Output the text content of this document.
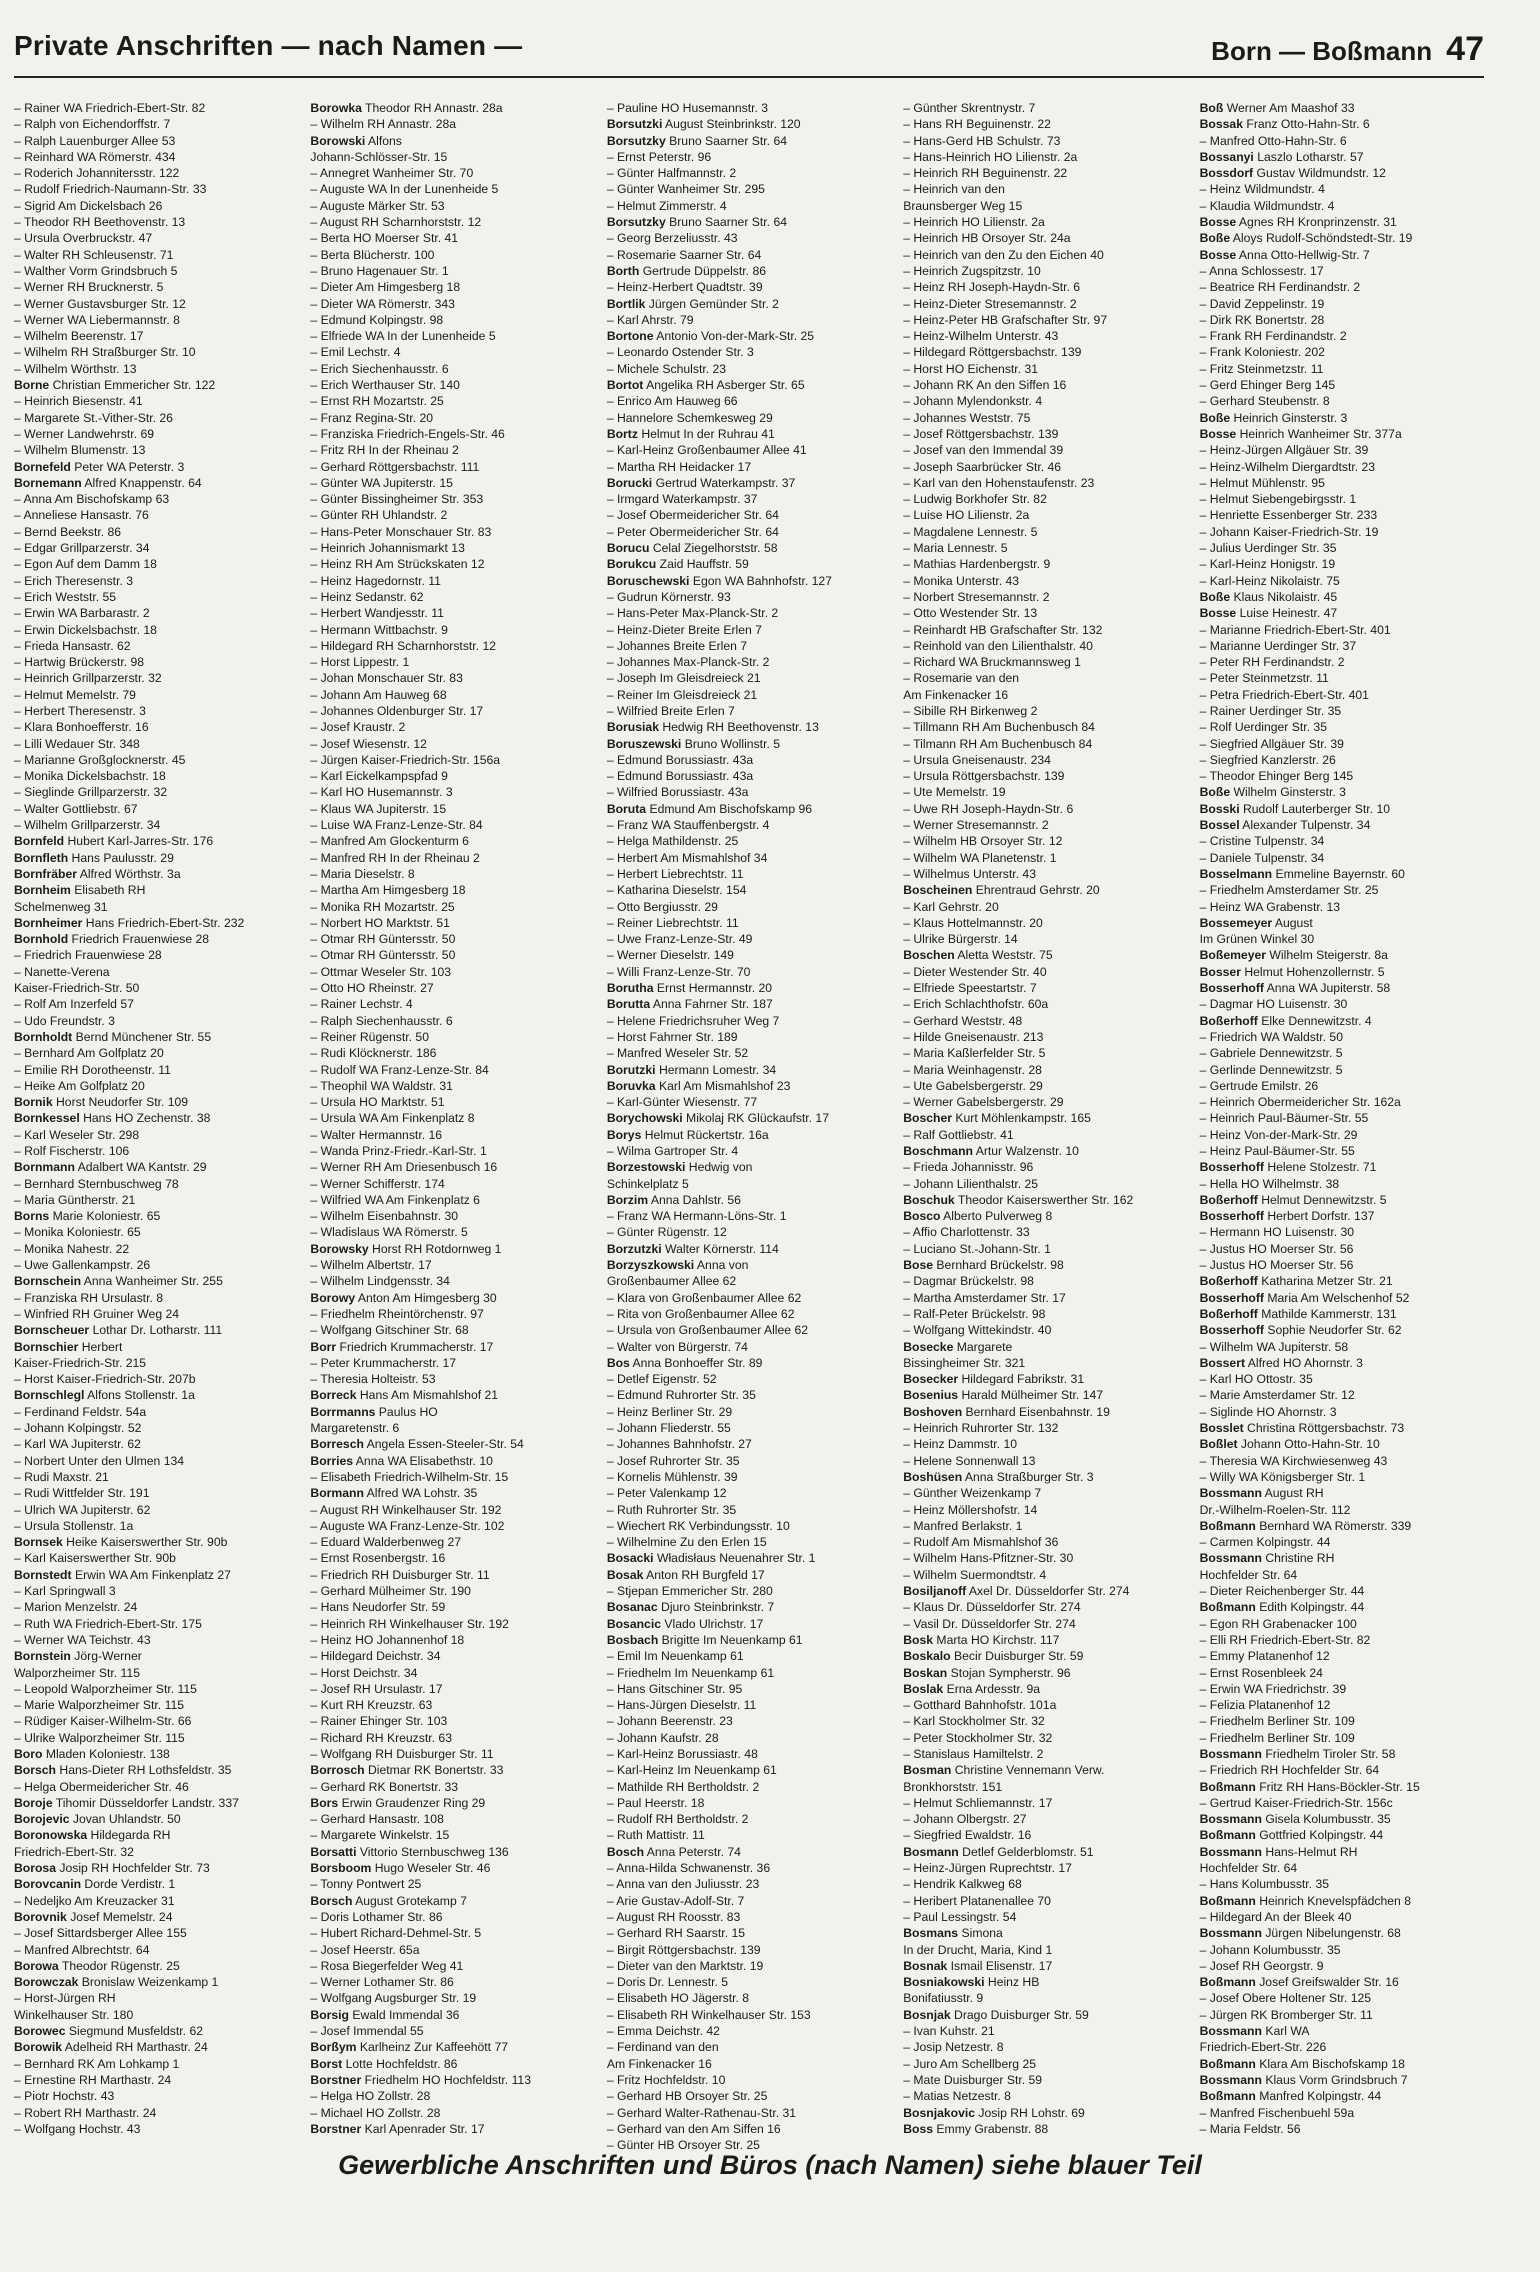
Private Anschriften — nach Namen —	Born — Boßmann 47
– Rainer WA Friedrich-Ebert-Str. 82
– Ralph von Eichendorffstr. 7
– Ralph Lauenburger Allee 53
– Reinhard WA Römerstr. 434
– Roderich Johannitersstr. 122
– Rudolf Friedrich-Naumann-Str. 33
– Sigrid Am Dickelsbach 26
– Theodor RH Beethovenstr. 13
– Ursula Overbruckstr. 47
– Walter RH Schleusenstr. 71
– Walther Vorm Grindsbruch 5
– Werner RH Brucknerstr. 5
– Werner Gustavsburger Str. 12
– Werner WA Liebermannstr. 8
– Wilhelm Beerenstr. 17
– Wilhelm RH Straßburger Str. 10
– Wilhelm Wörthstr. 13
Borne Christian Emmericher Str. 122
– Heinrich Biesenstr. 41
– Margarete St.-Vither-Str. 26
– Werner Landwehrstr. 69
– Wilhelm Blumenstr. 13
Bornefeld Peter WA Peterstr. 3
Bornemann Alfred Knappenstr. 64
– Anna Am Bischofskamp 63
– Anneliese Hansastr. 76
– Bernd Beekstr. 86
– Edgar Grillparzerstr. 34
– Egon Auf dem Damm 18
– Erich Theresenstr. 3
– Erich Weststr. 55
– Erwin WA Barbarastr. 2
– Erwin Dickelsbachstr. 18
– Frieda Hansastr. 62
– Hartwig Brückerstr. 98
– Heinrich Grillparzerstr. 32
– Helmut Memelstr. 79
– Herbert Theresenstr. 3
– Klara Bonhoefferstr. 16
– Lilli Wedauer Str. 348
– Marianne Großglocknerstr. 45
– Monika Dickelsbachstr. 18
– Sieglinde Grillparzerstr. 32
– Walter Gottliebstr. 67
– Wilhelm Grillparzerstr. 34
Bornfeld Hubert Karl-Jarres-Str. 176
Bornfleth Hans Paulusstr. 29
Bornfräber Alfred Wörthstr. 3a
Bornheim Elisabeth RH
Schelmenweg 31
Bornheimer Hans Friedrich-Ebert-Str. 232
Bornhold Friedrich Frauenwiese 28
– Friedrich Frauenwiese 28
– Nanette-Verena
Kaiser-Friedrich-Str. 50
– Rolf Am Inzerfeld 57
– Udo Freundstr. 3
Bornholdt Bernd Münchener Str. 55
– Bernhard Am Golfplatz 20
– Emilie RH Dorotheenstr. 11
– Heike Am Golfplatz 20
Bornik Horst Neudorfer Str. 109
Bornkessel Hans HO Zechenstr. 38
– Karl Weseler Str. 298
– Rolf Fischerstr. 106
Bornmann Adalbert WA Kantstr. 29
– Bernhard Sternbuschweg 78
– Maria Güntherstr. 21
Borns Marie Koloniestr. 65
– Monika Koloniestr. 65
– Monika Nahestr. 22
– Uwe Gallenkampstr. 26
Bornschein Anna Wanheimer Str. 255
– Franziska RH Ursulastr. 8
– Winfried RH Gruiner Weg 24
Bornscheuer Lothar Dr. Lotharstr. 111
Bornschier Herbert
Kaiser-Friedrich-Str. 215
– Horst Kaiser-Friedrich-Str. 207b
Bornschlegl Alfons Stollenstr. 1a
– Ferdinand Feldstr. 54a
– Johann Kolpingstr. 52
– Karl WA Jupiterstr. 62
– Norbert Unter den Ulmen 134
– Rudi Maxstr. 21
– Rudi Wittfelder Str. 191
– Ulrich WA Jupiterstr. 62
– Ursula Stollenstr. 1a
Bornsek Heike Kaiserswerther Str. 90b
– Karl Kaiserswerther Str. 90b
Bornstedt Erwin WA Am Finkenplatz 27
– Karl Springwall 3
– Marion Menzelstr. 24
– Ruth WA Friedrich-Ebert-Str. 175
– Werner WA Teichstr. 43
Bornstein Jörg-Werner
Walporzheimer Str. 115
– Leopold Walporzheimer Str. 115
– Marie Walporzheimer Str. 115
– Rüdiger Kaiser-Wilhelm-Str. 66
– Ulrike Walporzheimer Str. 115
Boro Mladen Koloniestr. 138
Borsch Hans-Dieter RH Lothsfeldstr. 35
– Helga Obermeidericher Str. 46
Boroje Tihomir Düsseldorfer Landstr. 337
Borojevic Jovan Uhlandstr. 50
Boronowska Hildegarda RH
Friedrich-Ebert-Str. 32
Borosa Josip RH Hochfelder Str. 73
Borovcanin Dorde Verdistr. 1
– Nedeljko Am Kreuzacker 31
Borovnik Josef Memelstr. 24
– Josef Sittardsberger Allee 155
– Manfred Albrechtstr. 64
Borowa Theodor Rügenstr. 25
Borowczak Bronislaw Weizenkamp 1
– Horst-Jürgen RH
Winkelhauser Str. 180
Borowec Siegmund Musfeldstr. 62
Borowik Adelheid RH Marthastr. 24
– Bernhard RK Am Lohkamp 1
– Ernestine RH Marthastr. 24
– Piotr Hochstr. 43
– Robert RH Marthastr. 24
– Wolfgang Hochstr. 43
Borowka Theodor RH Annastr. 28a
– Wilhelm RH Annastr. 28a
Borowski Alfons
Johann-Schlösser-Str. 15
– Annegret Wanheimer Str. 70
– Auguste WA In der Lunenheide 5
– Auguste Märker Str. 53
– August RH Scharnhorststr. 12
– Berta HO Moerser Str. 41
– Berta Blücherstr. 100
– Bruno Hagenauer Str. 1
– Dieter Am Himgesberg 18
– Dieter WA Römerstr. 343
– Edmund Kolpingstr. 98
– Elfriede WA In der Lunenheide 5
– Emil Lechstr. 4
– Erich Siechenhausstr. 6
– Erich Werthauser Str. 140
– Ernst RH Mozartstr. 25
– Franz Regina-Str. 20
– Franziska Friedrich-Engels-Str. 46
– Fritz RH In der Rheinau 2
– Gerhard Röttgersbachstr. 111
– Günter WA Jupiterstr. 15
– Günter Bissingheimer Str. 353
– Günter RH Uhlandstr. 2
– Hans-Peter Monschauer Str. 83
– Heinrich Johannismarkt 13
– Heinz RH Am Strückskaten 12
– Heinz Hagedornstr. 11
– Heinz Sedanstr. 62
– Herbert Wandjesstr. 11
– Hermann Wittbachstr. 9
– Hildegard RH Scharnhorststr. 12
– Horst Lippestr. 1
– Johan Monschauer Str. 83
– Johann Am Hauweg 68
– Johannes Oldenburger Str. 17
– Josef Kraustr. 2
– Josef Wiesenstr. 12
– Jürgen Kaiser-Friedrich-Str. 156a
– Karl Eickelkampspfad 9
– Karl HO Husemannstr. 3
– Klaus WA Jupiterstr. 15
– Luise WA Franz-Lenze-Str. 84
– Manfred Am Glockenturm 6
– Manfred RH In der Rheinau 2
– Maria Dieselstr. 8
– Martha Am Himgesberg 18
– Monika RH Mozartstr. 25
– Norbert HO Marktstr. 51
– Otmar RH Güntersstr. 50
– Otmar RH Güntersstr. 50
– Ottmar Weseler Str. 103
– Otto HO Rheinstr. 27
– Rainer Lechstr. 4
– Ralph Siechenhausstr. 6
– Reiner Rügenstr. 50
– Rudi Klöcknerstr. 186
– Rudolf WA Franz-Lenze-Str. 84
– Theophil WA Waldstr. 31
– Ursula HO Marktstr. 51
– Ursula WA Am Finkenplatz 8
– Walter Hermannstr. 16
– Wanda Prinz-Friedr.-Karl-Str. 1
– Werner RH Am Driesenbusch 16
– Werner Schifferstr. 174
– Wilfried WA Am Finkenplatz 6
– Wilhelm Eisenbahnstr. 30
– Wladislaus WA Römerstr. 5
Borowsky Horst RH Rotdornweg 1
– Wilhelm Albertstr. 17
– Wilhelm Lindgensstr. 34
Borowy Anton Am Himgesberg 30
– Friedhelm Rheintörchenstr. 97
– Wolfgang Gitschiner Str. 68
Borr Friedrich Krummacherstr. 17
– Peter Krummacherstr. 17
– Theresia Holteistr. 53
Borreck Hans Am Mismahlshof 21
Borrmanns Paulus HO
Margaretenstr. 6
Borresch Angela Essen-Steeler-Str. 54
Borries Anna WA Elisabethstr. 10
– Elisabeth Friedrich-Wilhelm-Str. 15
Bormann Alfred WA Lohstr. 35
– August RH Winkelhauser Str. 192
– Auguste WA Franz-Lenze-Str. 102
– Eduard Walderbenweg 27
– Ernst Rosenbergstr. 16
– Friedrich RH Duisburger Str. 11
– Gerhard Mülheimer Str. 190
– Hans Neudorfer Str. 59
– Heinrich RH Winkelhauser Str. 192
– Heinz HO Johannenhof 18
– Hildegard Deichstr. 34
– Horst Deichstr. 34
– Josef RH Ursulastr. 17
– Kurt RH Kreuzstr. 63
– Rainer Ehinger Str. 103
– Richard RH Kreuzstr. 63
– Wolfgang RH Duisburger Str. 11
Borrosch Dietmar RK Bonertstr. 33
– Gerhard RK Bonertstr. 33
Bors Erwin Graudenzer Ring 29
– Gerhard Hansastr. 108
– Margarete Winkelstr. 15
Borsatti Vittorio Sternbuschweg 136
Borsboom Hugo Weseler Str. 46
– Tonny Pontwert 25
Borsch August Grotekamp 7
– Doris Lothamer Str. 86
– Hubert Richard-Dehmel-Str. 5
– Josef Heerstr. 65a
– Rosa Biegerfelder Weg 41
– Werner Lothamer Str. 86
– Wolfgang Augsburger Str. 19
Borsig Ewald Immendal 36
– Josef Immendal 55
Borßym Karlheinz Zur Kaffeehött 77
Borst Lotte Hochfeldstr. 86
Borstner Friedhelm HO Hochfeldstr. 113
– Helga HO Zollstr. 28
– Michael HO Zollstr. 28
Borstner Karl Apenrader Str. 17
– Pauline HO Husemannstr. 3
Borsutzki August Steinbrinkstr. 120
Borsutzky Bruno Saarner Str. 64
– Ernst Peterstr. 96
– Günter Halfmannstr. 2
– Günter Wanheimer Str. 295
– Helmut Zimmerstr. 4
Borsutzky Bruno Saarner Str. 64
– Georg Berzeliusstr. 43
– Rosemarie Saarner Str. 64
Borth Gertrude Düppelstr. 86
– Heinz-Herbert Quadtstr. 39
Bortlik Jürgen Gemünder Str. 2
– Karl Ahrstr. 79
Bortone Antonio Von-der-Mark-Str. 25
– Leonardo Ostender Str. 3
– Michele Schulstr. 23
Bortot Angelika RH Asberger Str. 65
– Enrico Am Hauweg 66
– Hannelore Schemkesweg 29
Bortz Helmut In der Ruhrau 41
– Karl-Heinz Großenbaumer Allee 41
– Martha RH Heidacker 17
Borucki Gertrud Waterkampstr. 37
– Irmgard Waterkampstr. 37
– Josef Obermeidericher Str. 64
– Peter Obermeidericher Str. 64
Borucu Celal Ziegelhorststr. 58
Borukcu Zaid Hauffstr. 59
Boruschewski Egon WA Bahnhofstr. 127
– Gudrun Körnerstr. 93
– Hans-Peter Max-Planck-Str. 2
– Heinz-Dieter Breite Erlen 7
– Johannes Breite Erlen 7
– Johannes Max-Planck-Str. 2
– Joseph Im Gleisdreieck 21
– Reiner Im Gleisdreieck 21
– Wilfried Breite Erlen 7
Borusiak Hedwig RH Beethovenstr. 13
Boruszewski Bruno Wollinstr. 5
– Edmund Borussiastr. 43a
– Edmund Borussiastr. 43a
– Wilfried Borussiastr. 43a
Boruta Edmund Am Bischofskamp 96
– Franz WA Stauffenbergstr. 4
– Helga Mathildenstr. 25
– Herbert Am Mismahlshof 34
– Herbert Liebrechtstr. 11
– Katharina Dieselstr. 154
– Otto Bergiusstr. 29
– Reiner Liebrechtstr. 11
– Uwe Franz-Lenze-Str. 49
– Werner Dieselstr. 149
– Willi Franz-Lenze-Str. 70
Borutha Ernst Hermannstr. 20
Borutta Anna Fahrner Str. 187
– Helene Friedrichsruher Weg 7
– Horst Fahrner Str. 189
– Manfred Weseler Str. 52
Borutzki Hermann Lomestr. 34
Boruvka Karl Am Mismahlshof 23
– Karl-Günter Wiesenstr. 77
Borychowski Mikolaj RK Glückaufstr. 17
Borys Helmut Rückertstr. 16a
– Wilma Gartroper Str. 4
Borzestowski Hedwig von
Schinkelplatz 5
Borzim Anna Dahlstr. 56
– Franz WA Hermann-Löns-Str. 1
– Günter Rügenstr. 12
Borzutzki Walter Körnerstr. 114
Borzyszkowski Anna von
Großenbaumer Allee 62
– Klara von Großenbaumer Allee 62
– Rita von Großenbaumer Allee 62
– Ursula von Großenbaumer Allee 62
– Walter von Bürgerstr. 74
Bos Anna Bonhoeffer Str. 89
– Detlef Eigenstr. 52
– Edmund Ruhrorter Str. 35
– Heinz Berliner Str. 29
– Johann Fliederstr. 55
– Johannes Bahnhofstr. 27
– Josef Ruhrorter Str. 35
– Kornelis Mühlenstr. 39
– Peter Valenkamp 12
– Ruth Ruhrorter Str. 35
– Wiechert RK Verbindungsstr. 10
– Wilhelmine Zu den Erlen 15
Bosacki Władisłaus Neuenahrer Str. 1
Bosak Anton RH Burgfeld 17
– Stjepan Emmericher Str. 280
Bosanac Djuro Steinbrinkstr. 7
Bosancic Vlado Ulrichstr. 17
Bosbach Brigitte Im Neuenkamp 61
– Emil Im Neuenkamp 61
– Friedhelm Im Neuenkamp 61
– Hans Gitschiner Str. 95
– Hans-Jürgen Dieselstr. 11
– Johann Beerenstr. 23
– Johann Kaufstr. 28
– Karl-Heinz Borussiastr. 48
– Karl-Heinz Im Neuenkamp 61
– Mathilde RH Bertholdstr. 2
– Paul Heerstr. 18
– Rudolf RH Bertholdstr. 2
– Ruth Mattistr. 11
Bosch Anna Peterstr. 74
– Anna-Hilda Schwanenstr. 36
– Anna van den Juliusstr. 23
– Arie Gustav-Adolf-Str. 7
– August RH Roosstr. 83
– Gerhard RH Saarstr. 15
– Birgit Röttgersbachstr. 139
– Dieter van den Marktstr. 19
– Doris Dr. Lennestr. 5
– Elisabeth HO Jägerstr. 8
– Elisabeth RH Winkelhauser Str. 153
– Emma Deichstr. 42
– Ferdinand van den
Am Finkenacker 16
– Fritz Hochfeldstr. 10
– Gerhard HB Orsoyer Str. 25
– Gerhard Walter-Rathenau-Str. 31
– Gerhard van den Am Siffen 16
– Günter HB Orsoyer Str. 25
– Günther Skrentnystr. 7
– Hans RH Beguinenstr. 22
– Hans-Gerd HB Schulstr. 73
– Hans-Heinrich HO Lilienstr. 2a
– Heinrich RH Beguinenstr. 22
– Heinrich van den
Braunsberger Weg 15
– Heinrich HO Lilienstr. 2a
– Heinrich HB Orsoyer Str. 24a
– Heinrich van den Zu den Eichen 40
– Heinrich Zugspitzstr. 10
– Heinz RH Joseph-Haydn-Str. 6
– Heinz-Dieter Stresemannstr. 2
– Heinz-Peter HB Grafschafter Str. 97
– Heinz-Wilhelm Unterstr. 43
– Hildegard Röttgersbachstr. 139
– Horst HO Eichenstr. 31
– Johann RK An den Siffen 16
– Johann Mylendonkstr. 4
– Johannes Weststr. 75
– Josef Röttgersbachstr. 139
– Josef van den Immendal 39
– Joseph Saarbrücker Str. 46
– Karl van den Hohenstaufenstr. 23
– Ludwig Borkhofer Str. 82
– Luise HO Lilienstr. 2a
– Magdalene Lennestr. 5
– Maria Lennestr. 5
– Mathias Hardenbergstr. 9
– Monika Unterstr. 43
– Norbert Stresemannstr. 2
– Otto Westender Str. 13
– Reinhardt HB Grafschafter Str. 132
– Reinhold van den Lilienthalstr. 40
– Richard WA Bruckmannsweg 1
– Rosemarie van den
Am Finkenacker 16
– Sibille RH Birkenweg 2
– Tillmann RH Am Buchenbusch 84
– Tilmann RH Am Buchenbusch 84
– Ursula Gneisenaustr. 234
– Ursula Röttgersbachstr. 139
– Ute Memelstr. 19
– Uwe RH Joseph-Haydn-Str. 6
– Werner Stresemannstr. 2
– Wilhelm HB Orsoyer Str. 12
– Wilhelm WA Planetenstr. 1
– Wilhelmus Unterstr. 43
Boscheinen Ehrentraud Gehrstr. 20
– Karl Gehrstr. 20
– Klaus Hottelmannstr. 20
– Ulrike Bürgerstr. 14
Boschen Aletta Weststr. 75
– Dieter Westender Str. 40
– Elfriede Speestartstr. 7
– Erich Schlachthofstr. 60a
– Gerhard Weststr. 48
– Hilde Gneisenaustr. 213
– Maria Kaßlerfelder Str. 5
– Maria Weinhagenstr. 28
– Ute Gabelsbergerstr. 29
– Werner Gabelsbergerstr. 29
Boscher Kurt Möhlenkampstr. 165
– Ralf Gottliebstr. 41
Boschmann Artur Walzenstr. 10
– Frieda Johannisstr. 96
– Johann Lilienthalstr. 25
Boschuk Theodor Kaiserswerther Str. 162
Bosco Alberto Pulverweg 8
– Affio Charlottenstr. 33
– Luciano St.-Johann-Str. 1
Bose Bernhard Brückelstr. 98
– Dagmar Brückelstr. 98
– Martha Amsterdamer Str. 17
– Ralf-Peter Brückelstr. 98
– Wolfgang Wittekindstr. 40
Bosecke Margarete
Bissingheimer Str. 321
Bosecker Hildegard Fabrikstr. 31
Bosenius Harald Mülheimer Str. 147
Boshoven Bernhard Eisenbahnstr. 19
– Heinrich Ruhrorter Str. 132
– Heinz Dammstr. 10
– Helene Sonnenwall 13
Boshüsen Anna Straßburger Str. 3
– Günther Weizenkamp 7
– Heinz Möllershofstr. 14
– Manfred Berlakstr. 1
– Rudolf Am Mismahlshof 36
– Wilhelm Hans-Pfitzner-Str. 30
– Wilhelm Suermondtstr. 4
Bosiljanoff Axel Dr. Düsseldorfer Str. 274
– Klaus Dr. Düsseldorfer Str. 274
– Vasil Dr. Düsseldorfer Str. 274
Bosk Marta HO Kirchstr. 117
Boskalo Becir Duisburger Str. 59
Boskan Stojan Sympherstr. 96
Boslak Erna Ardesstr. 9a
– Gotthard Bahnhofstr. 101a
– Karl Stockholmer Str. 32
– Peter Stockholmer Str. 32
– Stanislaus Hamiltelstr. 2
Bosman Christine Vennemann Verw.
Bronkhorststr. 151
– Helmut Schliemannstr. 17
– Johann Olbergstr. 27
– Siegfried Ewaldstr. 16
Bosmann Detlef Gelderblomstr. 51
– Heinz-Jürgen Ruprechtstr. 17
– Hendrik Kalkweg 68
– Heribert Platanenallee 70
– Paul Lessingstr. 54
Bosmans Simona
In der Drucht, Maria, Kind 1
Bosnak Ismail Elisenstr. 17
Bosniakowski Heinz HB
Bonifatiusstr. 9
Bosnjak Drago Duisburger Str. 59
– Ivan Kuhstr. 21
– Josip Netzestr. 8
– Juro Am Schellberg 25
– Mate Duisburger Str. 59
– Matias Netzestr. 8
Bosnjakovic Josip RH Lohstr. 69
Boss Emmy Grabenstr. 88
Boß Werner Am Maashof 33
Bossak Franz Otto-Hahn-Str. 6
– Manfred Otto-Hahn-Str. 6
Bossanyi Laszlo Lotharstr. 57
Bossdorf Gustav Wildmundstr. 12
– Heinz Wildmundstr. 4
– Klaudia Wildmundstr. 4
Bosse Agnes RH Kronprinzenstr. 31
Boße Aloys Rudolf-Schöndstedt-Str. 19
Bosse Anna Otto-Hellwig-Str. 7
– Anna Schlossestr. 17
– Beatrice RH Ferdinandstr. 2
– David Zeppelinstr. 19
– Dirk RK Bonertstr. 28
– Frank RH Ferdinandstr. 2
– Frank Koloniestr. 202
– Fritz Steinmetzstr. 11
– Gerd Ehinger Berg 145
– Gerhard Steubenstr. 8
Boße Heinrich Ginsterstr. 3
Bosse Heinrich Wanheimer Str. 377a
– Heinz-Jürgen Allgäuer Str. 39
– Heinz-Wilhelm Diergardtstr. 23
– Helmut Mühlenstr. 95
– Helmut Siebengebirgsstr. 1
– Henriette Essenberger Str. 233
– Johann Kaiser-Friedrich-Str. 19
– Julius Uerdinger Str. 35
– Karl-Heinz Honigstr. 19
– Karl-Heinz Nikolaistr. 75
Boße Klaus Nikolaistr. 45
Bosse Luise Heinestr. 47
– Marianne Friedrich-Ebert-Str. 401
– Marianne Uerdinger Str. 37
– Peter RH Ferdinandstr. 2
– Peter Steinmetzstr. 11
– Petra Friedrich-Ebert-Str. 401
– Rainer Uerdinger Str. 35
– Rolf Uerdinger Str. 35
– Siegfried Allgäuer Str. 39
– Siegfried Kanzlerstr. 26
– Theodor Ehinger Berg 145
Boße Wilhelm Ginsterstr. 3
Bosski Rudolf Lauterberger Str. 10
Bossel Alexander Tulpenstr. 34
– Cristine Tulpenstr. 34
– Daniele Tulpenstr. 34
Bosselmann Emmeline Bayernstr. 60
– Friedhelm Amsterdamer Str. 25
– Heinz WA Grabenstr. 13
Bossemeyer August
Im Grünen Winkel 30
Boßemeyer Wilhelm Steigerstr. 8a
Bosser Helmut Hohenzollernstr. 5
Bosserhoff Anna WA Jupiterstr. 58
– Dagmar HO Luisenstr. 30
Boßerhoff Elke Dennewitzstr. 4
– Friedrich WA Waldstr. 50
– Gabriele Dennewitzstr. 5
– Gerlinde Dennewitzstr. 5
– Gertrude Emilstr. 26
– Heinrich Obermeidericher Str. 162a
– Heinrich Paul-Bäumer-Str. 55
– Heinz Von-der-Mark-Str. 29
– Heinz Paul-Bäumer-Str. 55
Bosserhoff Helene Stolzestr. 71
– Hella HO Wilhelmstr. 38
Boßerhoff Helmut Dennewitzstr. 5
Bosserhoff Herbert Dorfstr. 137
– Hermann HO Luisenstr. 30
– Justus HO Moerser Str. 56
– Justus HO Moerser Str. 56
Boßerhoff Katharina Metzer Str. 21
Bosserhoff Maria Am Welschenhof 52
Boßerhoff Mathilde Kammerstr. 131
Bosserhoff Sophie Neudorfer Str. 62
– Wilhelm WA Jupiterstr. 58
Bossert Alfred HO Ahornstr. 3
– Karl HO Ottostr. 35
– Marie Amsterdamer Str. 12
– Siglinde HO Ahornstr. 3
Bosslet Christina Röttgersbachstr. 73
Boßlet Johann Otto-Hahn-Str. 10
– Theresia WA Kirchwiesenweg 43
– Willy WA Königsberger Str. 1
Bossmann August RH
Dr.-Wilhelm-Roelen-Str. 112
Boßmann Bernhard WA Römerstr. 339
– Carmen Kolpingstr. 44
Bossmann Christine RH
Hochfelder Str. 64
– Dieter Reichenberger Str. 44
Boßmann Edith Kolpingstr. 44
– Egon RH Grabenacker 100
– Elli RH Friedrich-Ebert-Str. 82
– Emmy Platanenhof 12
– Ernst Rosenbleek 24
– Erwin WA Friedrichstr. 39
– Felizia Platanenhof 12
– Friedhelm Berliner Str. 109
– Friedhelm Berliner Str. 109
Bossmann Friedhelm Tiroler Str. 58
– Friedrich RH Hochfelder Str. 64
Boßmann Fritz RH Hans-Böckler-Str. 15
– Gertrud Kaiser-Friedrich-Str. 156c
Bossmann Gisela Kolumbusstr. 35
Boßmann Gottfried Kolpingstr. 44
Bossmann Hans-Helmut RH
Hochfelder Str. 64
– Hans Kolumbusstr. 35
Boßmann Heinrich Knevelspfädchen 8
– Hildegard An der Bleek 40
Bossmann Jürgen Nibelungenstr. 68
– Johann Kolumbusstr. 35
– Josef RH Georgstr. 9
Boßmann Josef Greifswalder Str. 16
– Josef Obere Holtener Str. 125
– Jürgen RK Bromberger Str. 11
Bossmann Karl WA
Friedrich-Ebert-Str. 226
Boßmann Klara Am Bischofskamp 18
Bossmann Klaus Vorm Grindsbruch 7
Boßmann Manfred Kolpingstr. 44
– Manfred Fischenbuehl 59a
– Maria Feldstr. 56
Gewerbliche Anschriften und Büros (nach Namen) siehe blauer Teil
